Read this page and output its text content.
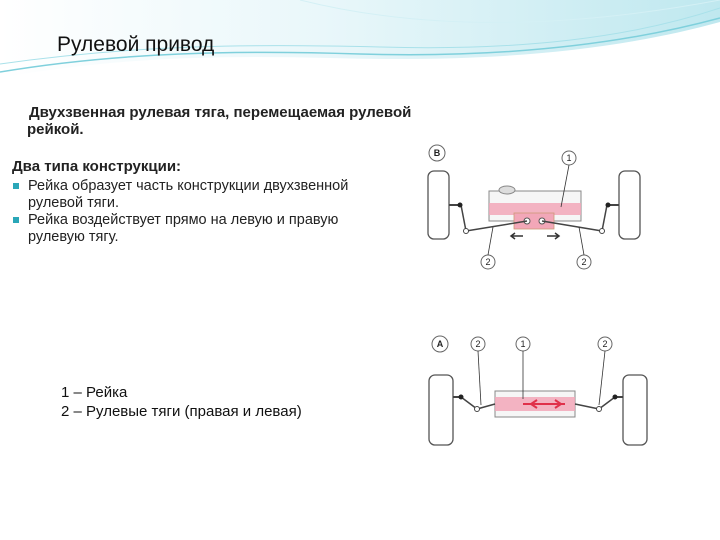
Рулевой привод

Двухзвенная рулевая тяга, перемещаемая рулевой рейкой.

Два типа конструкции:

Рейка образует часть конструкции двухзвенной рулевой тяги.
Рейка воздействует прямо на левую и правую рулевую тягу.
1 – Рейка
2 – Рулевые тяги (правая и левая)
B	1
2	2
A	2	1	2
